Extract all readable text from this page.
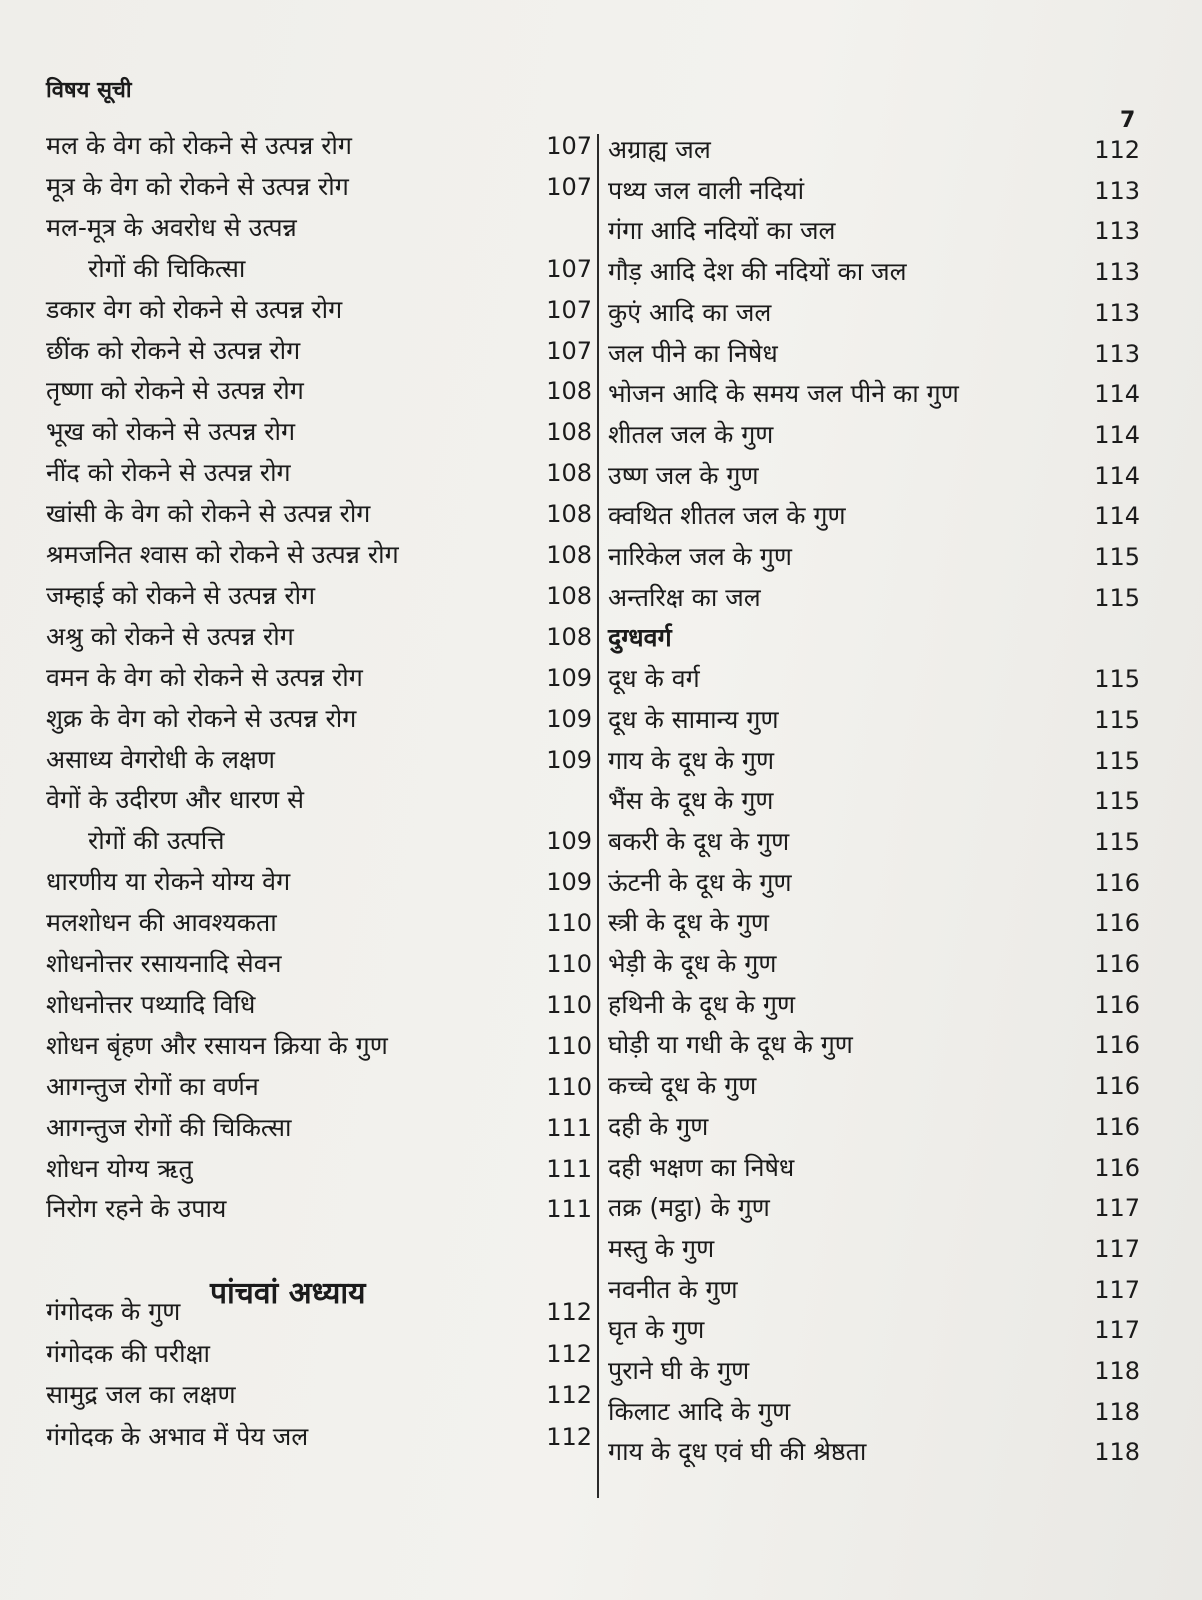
विषय सूची
7
मल के वेग को रोकने से उत्पन्न रोग	107
मूत्र के वेग को रोकने से उत्पन्न रोग	107
मल-मूत्र के अवरोध से उत्पन्न
रोगों की चिकित्सा	107
डकार वेग को रोकने से उत्पन्न रोग	107
छींक को रोकने से उत्पन्न रोग	107
तृष्णा को रोकने से उत्पन्न रोग	108
भूख को रोकने से उत्पन्न रोग	108
नींद को रोकने से उत्पन्न रोग	108
खांसी के वेग को रोकने से उत्पन्न रोग	108
श्रमजनित श्वास को रोकने से उत्पन्न रोग	108
जम्हाई को रोकने से उत्पन्न रोग	108
अश्रु को रोकने से उत्पन्न रोग	108
वमन के वेग को रोकने से उत्पन्न रोग	109
शुक्र के वेग को रोकने से उत्पन्न रोग	109
असाध्य वेगरोधी के लक्षण	109
वेगों के उदीरण और धारण से
रोगों की उत्पत्ति	109
धारणीय या रोकने योग्य वेग	109
मलशोधन की आवश्यकता	110
शोधनोत्तर रसायनादि सेवन	110
शोधनोत्तर पथ्यादि विधि	110
शोधन बृंहण और रसायन क्रिया के गुण	110
आगन्तुज रोगों का वर्णन	110
आगन्तुज रोगों की चिकित्सा	111
शोधन योग्य ऋतु	111
निरोग रहने के उपाय	111
पांचवां अध्याय
गंगोदक के गुण	112
गंगोदक की परीक्षा	112
सामुद्र जल का लक्षण	112
गंगोदक के अभाव में पेय जल	112
अग्राह्य जल	112
पथ्य जल वाली नदियां	113
गंगा आदि नदियों का जल	113
गौड़ आदि देश की नदियों का जल	113
कुएं आदि का जल	113
जल पीने का निषेध	113
भोजन आदि के समय जल पीने का गुण	114
शीतल जल के गुण	114
उष्ण जल के गुण	114
क्वथित शीतल जल के गुण	114
नारिकेल जल के गुण	115
अन्तरिक्ष का जल	115
दुग्धवर्ग
दूध के वर्ग	115
दूध के सामान्य गुण	115
गाय के दूध के गुण	115
भैंस के दूध के गुण	115
बकरी के दूध के गुण	115
ऊंटनी के दूध के गुण	116
स्त्री के दूध के गुण	116
भेड़ी के दूध के गुण	116
हथिनी के दूध के गुण	116
घोड़ी या गधी के दूध के गुण	116
कच्चे दूध के गुण	116
दही के गुण	116
दही भक्षण का निषेध	116
तक्र (मट्ठा) के गुण	117
मस्तु के गुण	117
नवनीत के गुण	117
घृत के गुण	117
पुराने घी के गुण	118
किलाट आदि के गुण	118
गाय के दूध एवं घी की श्रेष्ठता	118
